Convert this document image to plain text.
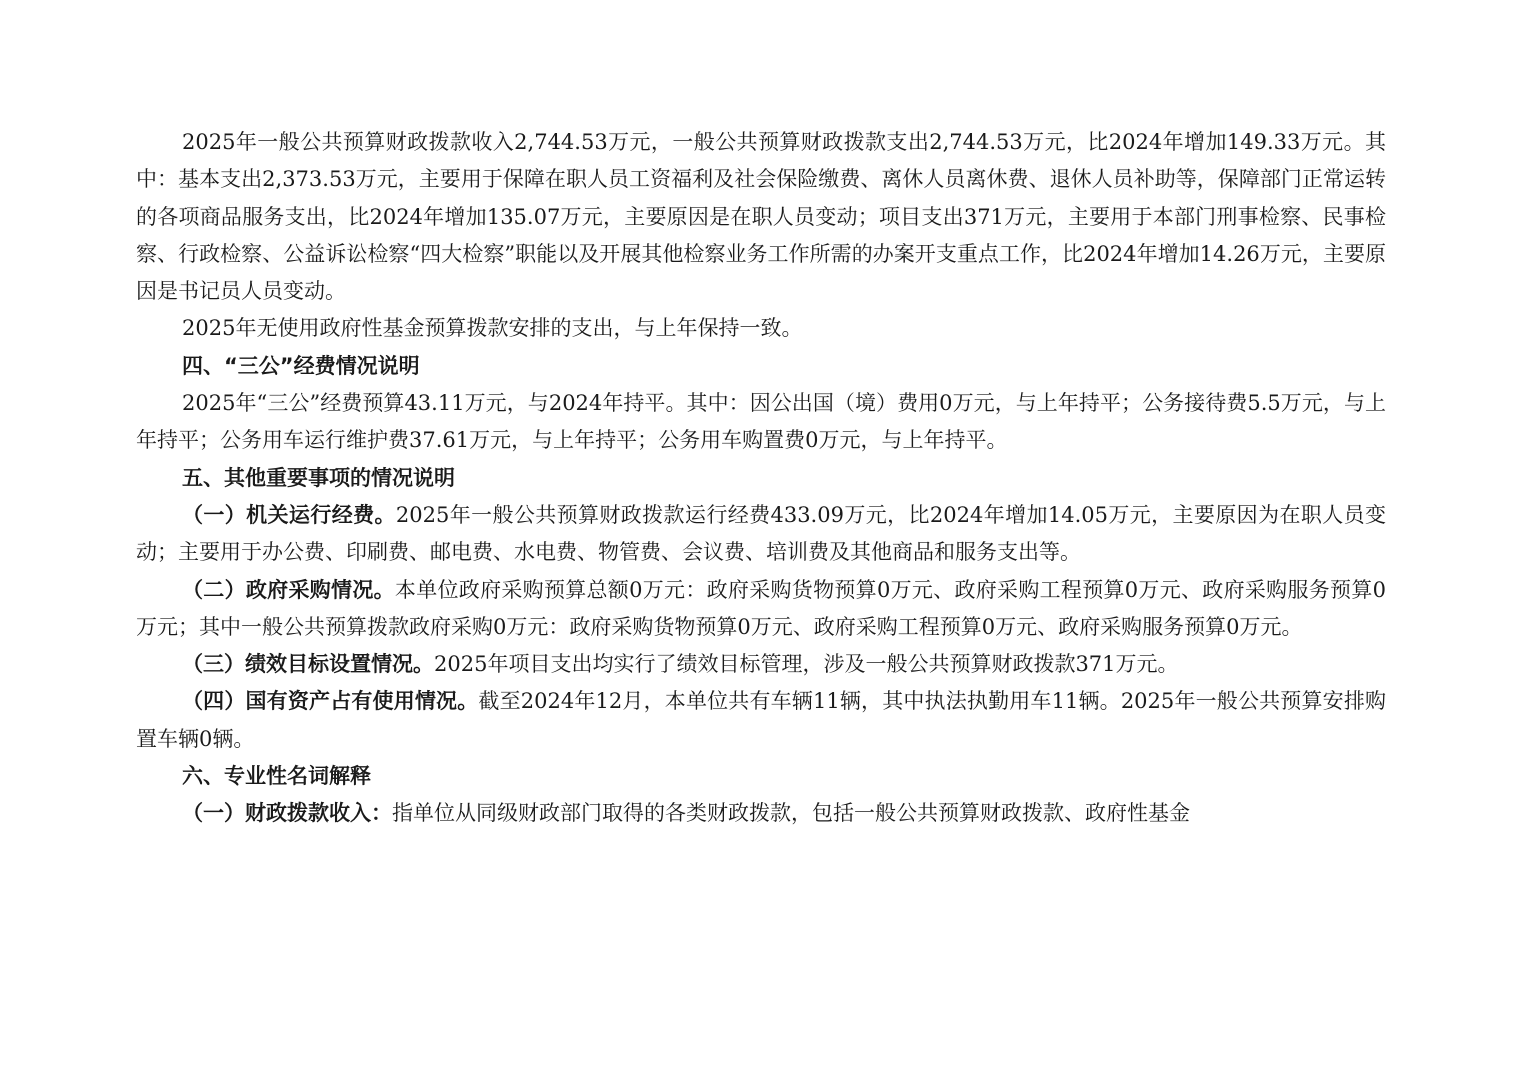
2025年一般公共预算财政拨款收入2,744.53万元，一般公共预算财政拨款支出2,744.53万元，比2024年增加149.33万元。其中：基本支出2,373.53万元，主要用于保障在职人员工资福利及社会保险缴费、离休人员离休费、退休人员补助等，保障部门正常运转的各项商品服务支出，比2024年增加135.07万元，主要原因是在职人员变动；项目支出371万元，主要用于本部门刑事检察、民事检察、行政检察、公益诉讼检察“四大检察”职能以及开展其他检察业务工作所需的办案开支重点工作，比2024年增加14.26万元，主要原因是书记员人员变动。

2025年无使用政府性基金预算拨款安排的支出，与上年保持一致。

四、“三公”经费情况说明

2025年“三公”经费预算43.11万元，与2024年持平。其中：因公出国（境）费用0万元，与上年持平；公务接待费5.5万元，与上年持平；公务用车运行维护费37.61万元，与上年持平；公务用车购置费0万元，与上年持平。

五、其他重要事项的情况说明

（一）机关运行经费。2025年一般公共预算财政拨款运行经费433.09万元，比2024年增加14.05万元，主要原因为在职人员变动；主要用于办公费、印刷费、邮电费、水电费、物管费、会议费、培训费及其他商品和服务支出等。

（二）政府采购情况。本单位政府采购预算总额0万元：政府采购货物预算0万元、政府采购工程预算0万元、政府采购服务预算0万元；其中一般公共预算拨款政府采购0万元：政府采购货物预算0万元、政府采购工程预算0万元、政府采购服务预算0万元。

（三）绩效目标设置情况。2025年项目支出均实行了绩效目标管理，涉及一般公共预算财政拨款371万元。

（四）国有资产占有使用情况。截至2024年12月，本单位共有车辆11辆，其中执法执勤用车11辆。2025年一般公共预算安排购置车辆0辆。

六、专业性名词解释

（一）财政拨款收入：指单位从同级财政部门取得的各类财政拨款，包括一般公共预算财政拨款、政府性基金
